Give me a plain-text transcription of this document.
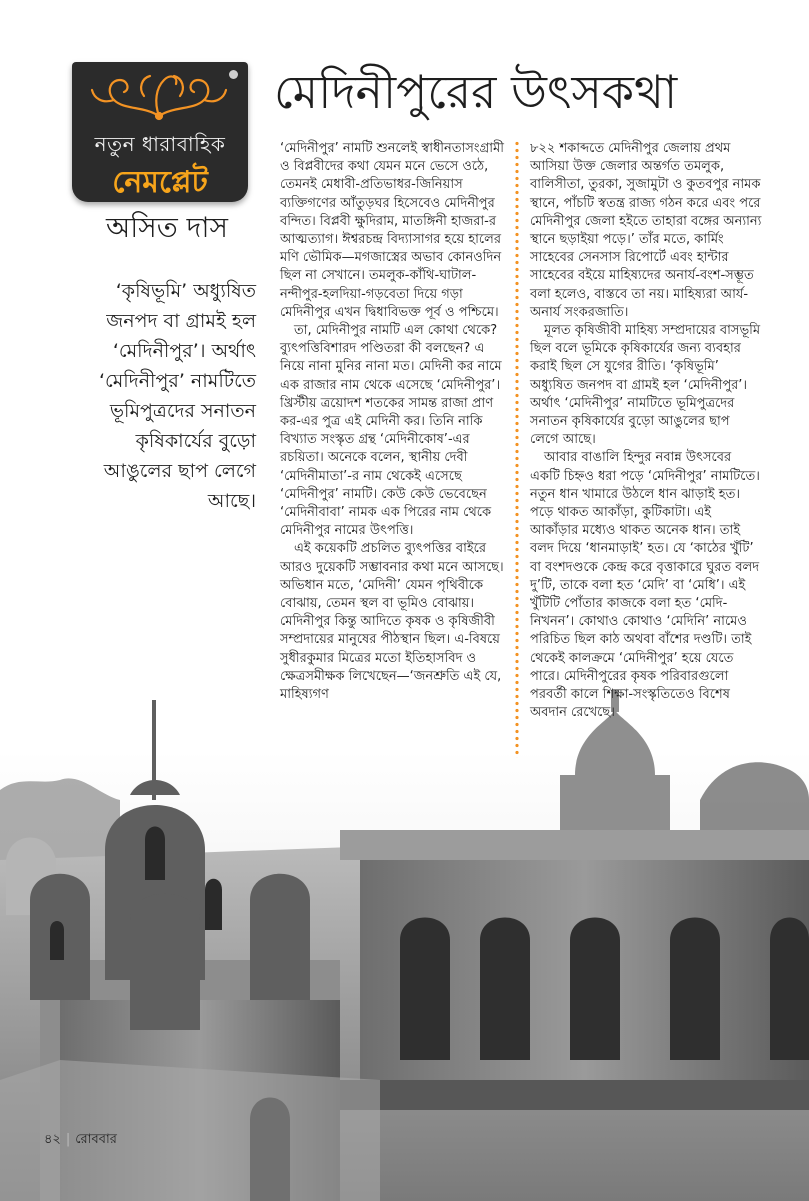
নতুন ধারাবাহিক
নেমপ্লেট
মেদিনীপুরের উৎসকথা
অসিত দাস
‘কৃষিভূমি’ অধ্যুষিত জনপদ বা গ্রামই হল ‘মেদিনীপুর’। অর্থাৎ ‘মেদিনীপুর’ নামটিতে ভূমিপুত্রদের সনাতন কৃষিকার্যের বুড়ো আঙুলের ছাপ লেগে আছে।

‘মেদিনীপুর’ নামটি শুনলেই স্বাধীনতাসংগ্রামী ও বিপ্লবীদের কথা যেমন মনে ভেসে ওঠে, তেমনই মেধাবী-প্রতিভাধর-জিনিয়াস ব্যক্তিগণের আঁতুড়ঘর হিসেবেও মেদিনীপুর বন্দিত। বিপ্লবী ক্ষুদিরাম, মাতঙ্গিনী হাজরা-র আত্মত্যাগ। ঈশ্বরচন্দ্র বিদ্যাসাগর হয়ে হালের মণি ভৌমিক—মগজাস্ত্রের অভাব কোনওদিন ছিল না সেখানে। তমলুক-কাঁথি-ঘাটাল-নন্দীপুর-হলদিয়া-গড়বেতা দিয়ে গড়া মেদিনীপুর এখন দ্বিধাবিভক্ত পূর্ব ও পশ্চিমে।

তা, মেদিনীপুর নামটি এল কোথা থেকে? ব্যুৎপত্তিবিশারদ পণ্ডিতরা কী বলছেন? এ নিয়ে নানা মুনির নানা মত। মেদিনী কর নামে এক রাজার নাম থেকে এসেছে ‘মেদিনীপুর’। খ্রিস্টীয় ত্রয়োদশ শতকের সামন্ত রাজা প্রাণ কর-এর পুত্র এই মেদিনী কর। তিনি নাকি বিখ্যাত সংস্কৃত গ্রন্থ ‘মেদিনীকোষ’-এর রচয়িতা। অনেকে বলেন, স্থানীয় দেবী ‘মেদিনীমাতা’-র নাম থেকেই এসেছে ‘মেদিনীপুর’ নামটি। কেউ কেউ ভেবেছেন ‘মেদিনীবাবা’ নামক এক পিরের নাম থেকে মেদিনীপুর নামের উৎপত্তি।

এই কয়েকটি প্রচলিত ব্যুৎপত্তির বাইরে আরও দুয়েকটি সম্ভাবনার কথা মনে আসছে। অভিধান মতে, ‘মেদিনী’ যেমন পৃথিবীকে বোঝায়, তেমন স্থল বা ভূমিও বোঝায়। মেদিনীপুর কিন্তু আদিতে কৃষক ও কৃষিজীবী সম্প্রদায়ের মানুষের পীঠস্থান ছিল। এ-বিষয়ে সুধীরকুমার মিত্রের মতো ইতিহাসবিদ ও ক্ষেত্রসমীক্ষক লিখেছেন—‘জনশ্রুতি এই যে, মাহিষ্যগণ

৮২২ শকাব্দতে মেদিনীপুর জেলায় প্রথম আসিয়া উক্ত জেলার অন্তর্গত তমলুক, বালিসীতা, তুরকা, সুজামুটা ও কুতবপুর নামক স্থানে, পাঁচটি স্বতন্ত্র রাজ্য গঠন করে এবং পরে মেদিনীপুর জেলা হইতে তাহারা বঙ্গের অন্যান্য স্থানে ছড়াইয়া পড়ে।’ তাঁর মতে, কার্মিং সাহেবের সেনসাস রিপোর্টে এবং হান্টার সাহেবের বইয়ে মাহিষ্যদের অনার্য-বংশ-সম্ভূত বলা হলেও, বাস্তবে তা নয়। মাহিষ্যরা আর্য-অনার্য সংকরজাতি।

মূলত কৃষিজীবী মাহিষ্য সম্প্রদায়ের বাসভূমি ছিল বলে ভূমিকে কৃষিকার্যের জন্য ব্যবহার করাই ছিল সে যুগের রীতি। ‘কৃষিভূমি’ অধ্যুষিত জনপদ বা গ্রামই হল ‘মেদিনীপুর’। অর্থাৎ ‘মেদিনীপুর’ নামটিতে ভূমিপুত্রদের সনাতন কৃষিকার্যের বুড়ো আঙুলের ছাপ লেগে আছে।

আবার বাঙালি হিন্দুর নবান্ন উৎসবের একটি চিহ্নও ধরা পড়ে ‘মেদিনীপুর’ নামটিতে। নতুন ধান খামারে উঠলে ধান ঝাড়াই হত। পড়ে থাকত আকাঁড়া, কুটিকাটা। এই আকাঁড়ার মধ্যেও থাকত অনেক ধান। তাই বলদ দিয়ে ‘ধানমাড়াই’ হত। যে ‘কাঠের খুঁটি’ বা বংশদণ্ডকে কেন্দ্র করে বৃত্তাকারে ঘুরত বলদ দু’টি, তাকে বলা হত ‘মেদি’ বা ‘মেধি’। এই খুঁটিটি পোঁতার কাজকে বলা হত ‘মেদি-নিখনন’। কোথাও কোথাও ‘মেদিনি’ নামেও পরিচিত ছিল কাঠ অথবা বাঁশের দণ্ডটি। তাই থেকেই কালক্রমে ‘মেদিনীপুর’ হয়ে যেতে পারে। মেদিনীপুরের কৃষক পরিবারগুলো পরবর্তী কালে শিক্ষা-সংস্কৃতিতেও বিশেষ অবদান রেখেছে।

৪২ | রোববার
